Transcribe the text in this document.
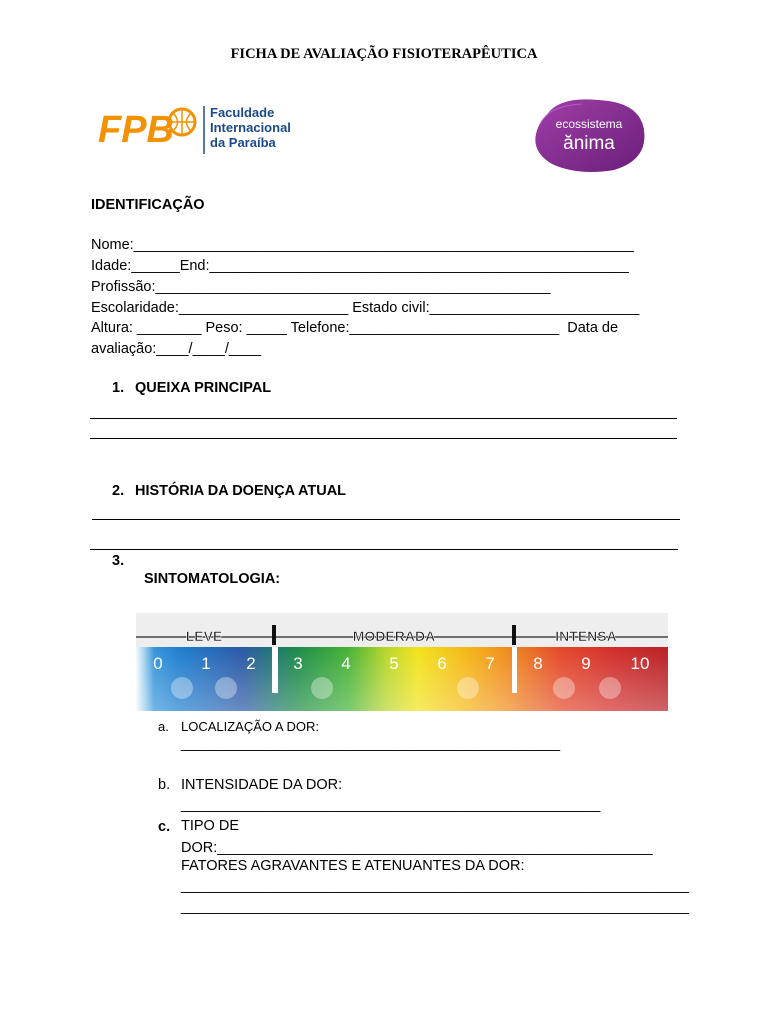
FICHA DE AVALIAÇÃO FISIOTERAPÊUTICA
FPB	Faculdade
Internacional
da Paraíba
ecossistema
ănima
IDENTIFICAÇÃO
Nome:______________________________________________________________
Idade:______End:____________________________________________________
Profissão:_________________________________________________
Escolaridade:_____________________ Estado civil:__________________________
Altura: ________ Peso: _____ Telefone:__________________________  Data de
avaliação:____/____/____
1. QUEIXA PRINCIPAL
2. HISTÓRIA DA DOENÇA ATUAL
3.
SINTOMATOLOGIA:
LEVE	MODERADA	INTENSA
0 1 2 3 4 5 6 7 8 9 10
a. LOCALIZAÇÃO A DOR:
_______________________________________________
b. INTENSIDADE DA DOR:
____________________________________________________
c. TIPO DE
DOR:______________________________________________________
FATORES AGRAVANTES E ATENUANTES DA DOR:
_______________________________________________________________
_______________________________________________________________
